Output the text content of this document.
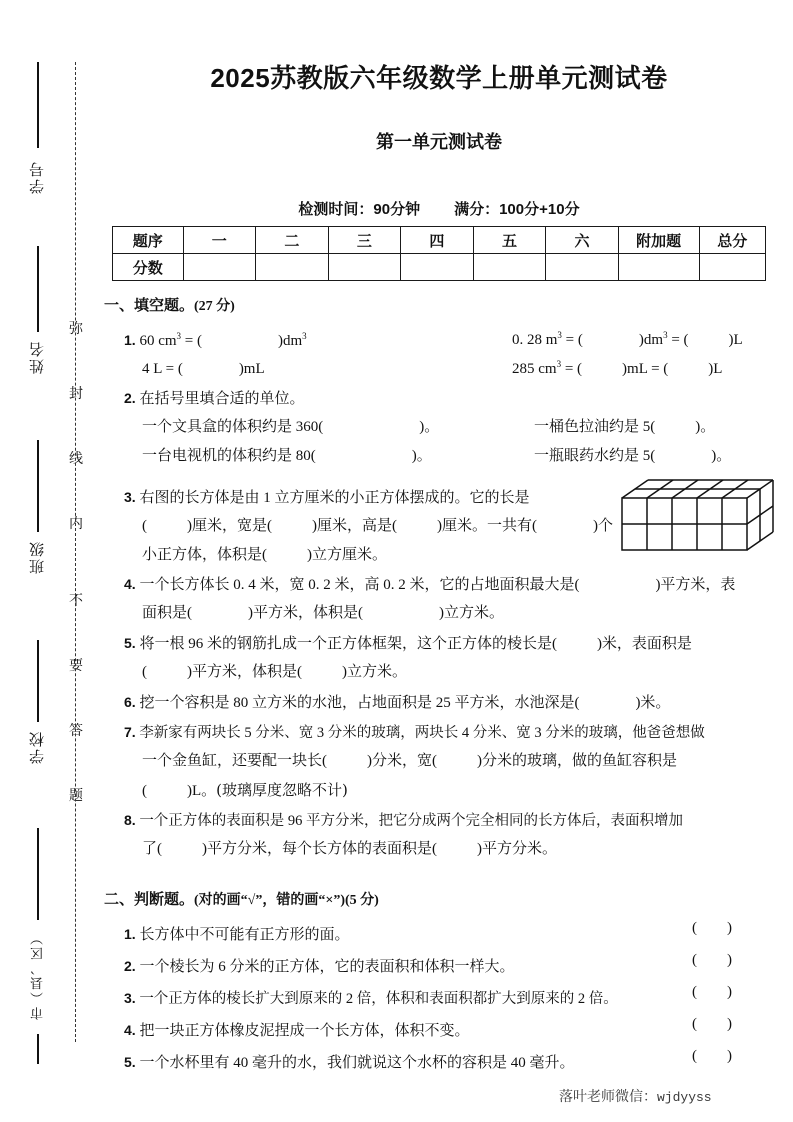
学号
姓名
班级
学校
市（县、区）
弥
封
线
内
不
要
答
题
2025苏教版六年级数学上册单元测试卷
第一单元测试卷
检测时间：90分钟 满分：100分+10分
题序	一	二	三	四	五	六	附加题	总分
分数								
一、填空题。(27 分)
1. 60 $cm^3$ = (	)$dm^3$	0. 28 $m^3$ = (	)$dm^3$ = (	)L
4 L = (	)mL	285 $cm^3$ = (	)mL = (	)L
2. 在括号里填合适的单位。
一个文具盒的体积约是 360(	)。	一桶色拉油约是 5(	)。
一台电视机的体积约是 80(	)。	一瓶眼药水约是 5(	)。
3. 右图的长方体是由 1 立方厘米的小正方体摆成的。它的长是
(	)厘米，宽是(	)厘米，高是(	)厘米。一共有(	)个
小正方体，体积是(	)立方厘米。
4. 一个长方体长 0. 4 米，宽 0. 2 米，高 0. 2 米，它的占地面积最大是(	)平方米，表
面积是(	)平方米，体积是(	)立方米。
5. 将一根 96 米的钢筋扎成一个正方体框架，这个正方体的棱长是(	)米，表面积是
(	)平方米，体积是(	)立方米。
6. 挖一个容积是 80 立方米的水池，占地面积是 25 平方米，水池深是(	)米。
7. 李新家有两块长 5 分米、宽 3 分米的玻璃，两块长 4 分米、宽 3 分米的玻璃，他爸爸想做
一个金鱼缸，还要配一块长(	)分米，宽(	)分米的玻璃，做的鱼缸容积是
(	)L。(玻璃厚度忽略不计)
8. 一个正方体的表面积是 96 平方分米，把它分成两个完全相同的长方体后，表面积增加
了(	)平方分米，每个长方体的表面积是(	)平方分米。
二、判断题。(对的画“√”，错的画“×”)(5 分)
1. 长方体中不可能有正方形的面。	( )
2. 一个棱长为 6 分米的正方体，它的表面积和体积一样大。	( )
3. 一个正方体的棱长扩大到原来的 2 倍，体积和表面积都扩大到原来的 2 倍。	( )
4. 把一块正方体橡皮泥捏成一个长方体，体积不变。	( )
5. 一个水杯里有 40 毫升的水，我们就说这个水杯的容积是 40 毫升。	( )
落叶老师微信：wjdyyss
